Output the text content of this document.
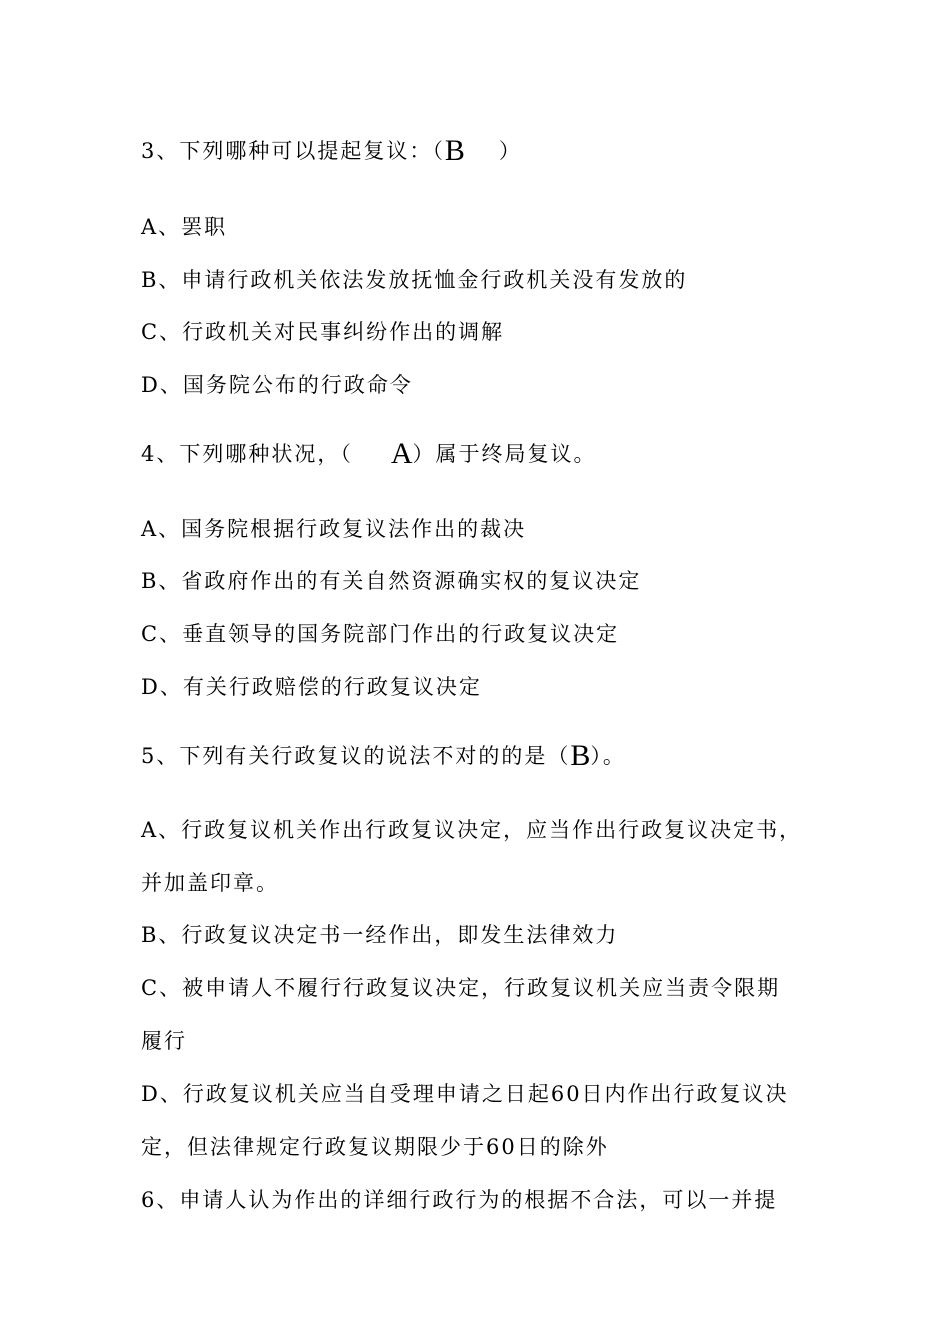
3、下列哪种可以提起复议：（B ）
A、罢职
B、申请行政机关依法发放抚恤金行政机关没有发放的
C、行政机关对民事纠纷作出的调解
D、国务院公布的行政命令
4、下列哪种状况，（ A）属于终局复议。
A、国务院根据行政复议法作出的裁决
B、省政府作出的有关自然资源确实权的复议决定
C、垂直领导的国务院部门作出的行政复议决定
D、有关行政赔偿的行政复议决定
5、下列有关行政复议的说法不对的的是（B）。
A、行政复议机关作出行政复议决定，应当作出行政复议决定书，
并加盖印章。
B、行政复议决定书一经作出，即发生法律效力
C、被申请人不履行行政复议决定，行政复议机关应当责令限期
履行
D、行政复议机关应当自受理申请之日起60日内作出行政复议决
定，但法律规定行政复议期限少于60日的除外
6、申请人认为作出的详细行政行为的根据不合法，可以一并提
